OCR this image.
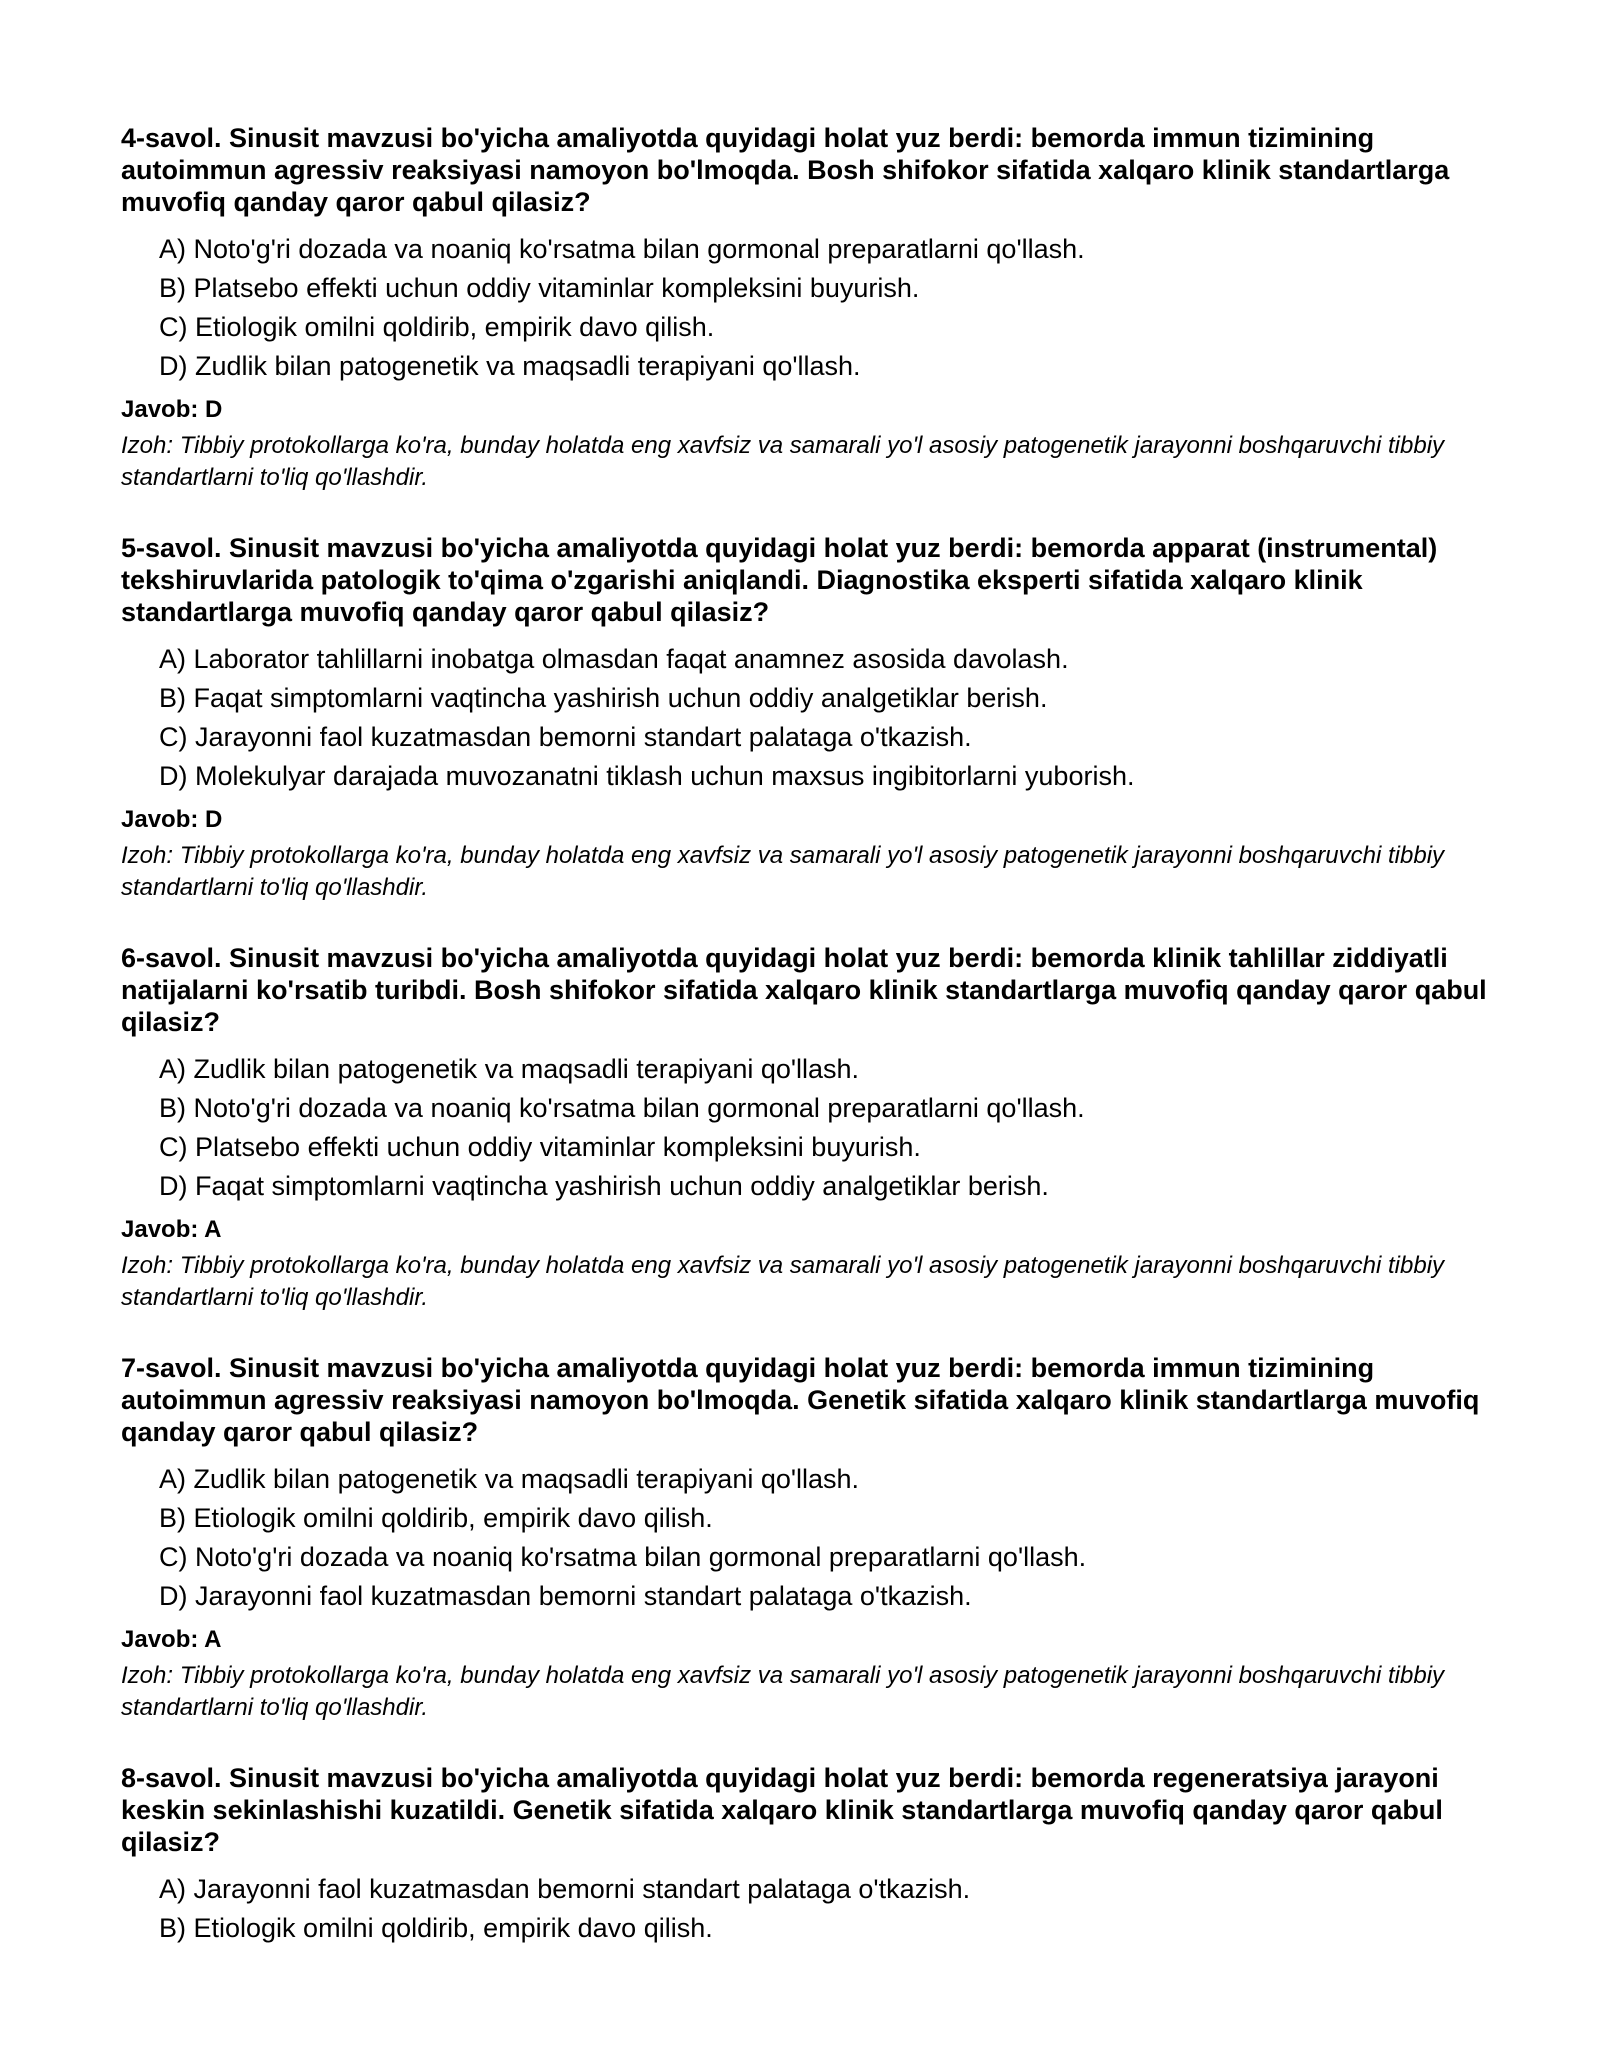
4-savol. Sinusit mavzusi bo'yicha amaliyotda quyidagi holat yuz berdi: bemorda immun tizimining autoimmun agressiv reaksiyasi namoyon bo'lmoqda. Bosh shifokor sifatida xalqaro klinik standartlarga muvofiq qanday qaror qabul qilasiz?

A) Noto'g'ri dozada va noaniq ko'rsatma bilan gormonal preparatlarni qo'llash.
B) Platsebo effekti uchun oddiy vitaminlar kompleksini buyurish.
C) Etiologik omilni qoldirib, empirik davo qilish.
D) Zudlik bilan patogenetik va maqsadli terapiyani qo'llash.

Javob: D

Izoh: Tibbiy protokollarga ko'ra, bunday holatda eng xavfsiz va samarali yo'l asosiy patogenetik jarayonni boshqaruvchi tibbiy standartlarni to'liq qo'llashdir.

5-savol. Sinusit mavzusi bo'yicha amaliyotda quyidagi holat yuz berdi: bemorda apparat (instrumental) tekshiruvlarida patologik to'qima o'zgarishi aniqlandi. Diagnostika eksperti sifatida xalqaro klinik standartlarga muvofiq qanday qaror qabul qilasiz?

A) Laborator tahlillarni inobatga olmasdan faqat anamnez asosida davolash.
B) Faqat simptomlarni vaqtincha yashirish uchun oddiy analgetiklar berish.
C) Jarayonni faol kuzatmasdan bemorni standart palataga o'tkazish.
D) Molekulyar darajada muvozanatni tiklash uchun maxsus ingibitorlarni yuborish.

Javob: D

Izoh: Tibbiy protokollarga ko'ra, bunday holatda eng xavfsiz va samarali yo'l asosiy patogenetik jarayonni boshqaruvchi tibbiy standartlarni to'liq qo'llashdir.

6-savol. Sinusit mavzusi bo'yicha amaliyotda quyidagi holat yuz berdi: bemorda klinik tahlillar ziddiyatli natijalarni ko'rsatib turibdi. Bosh shifokor sifatida xalqaro klinik standartlarga muvofiq qanday qaror qabul qilasiz?

A) Zudlik bilan patogenetik va maqsadli terapiyani qo'llash.
B) Noto'g'ri dozada va noaniq ko'rsatma bilan gormonal preparatlarni qo'llash.
C) Platsebo effekti uchun oddiy vitaminlar kompleksini buyurish.
D) Faqat simptomlarni vaqtincha yashirish uchun oddiy analgetiklar berish.

Javob: A

Izoh: Tibbiy protokollarga ko'ra, bunday holatda eng xavfsiz va samarali yo'l asosiy patogenetik jarayonni boshqaruvchi tibbiy standartlarni to'liq qo'llashdir.

7-savol. Sinusit mavzusi bo'yicha amaliyotda quyidagi holat yuz berdi: bemorda immun tizimining autoimmun agressiv reaksiyasi namoyon bo'lmoqda. Genetik sifatida xalqaro klinik standartlarga muvofiq qanday qaror qabul qilasiz?

A) Zudlik bilan patogenetik va maqsadli terapiyani qo'llash.
B) Etiologik omilni qoldirib, empirik davo qilish.
C) Noto'g'ri dozada va noaniq ko'rsatma bilan gormonal preparatlarni qo'llash.
D) Jarayonni faol kuzatmasdan bemorni standart palataga o'tkazish.

Javob: A

Izoh: Tibbiy protokollarga ko'ra, bunday holatda eng xavfsiz va samarali yo'l asosiy patogenetik jarayonni boshqaruvchi tibbiy standartlarni to'liq qo'llashdir.

8-savol. Sinusit mavzusi bo'yicha amaliyotda quyidagi holat yuz berdi: bemorda regeneratsiya jarayoni keskin sekinlashishi kuzatildi. Genetik sifatida xalqaro klinik standartlarga muvofiq qanday qaror qabul qilasiz?

A) Jarayonni faol kuzatmasdan bemorni standart palataga o'tkazish.
B) Etiologik omilni qoldirib, empirik davo qilish.
